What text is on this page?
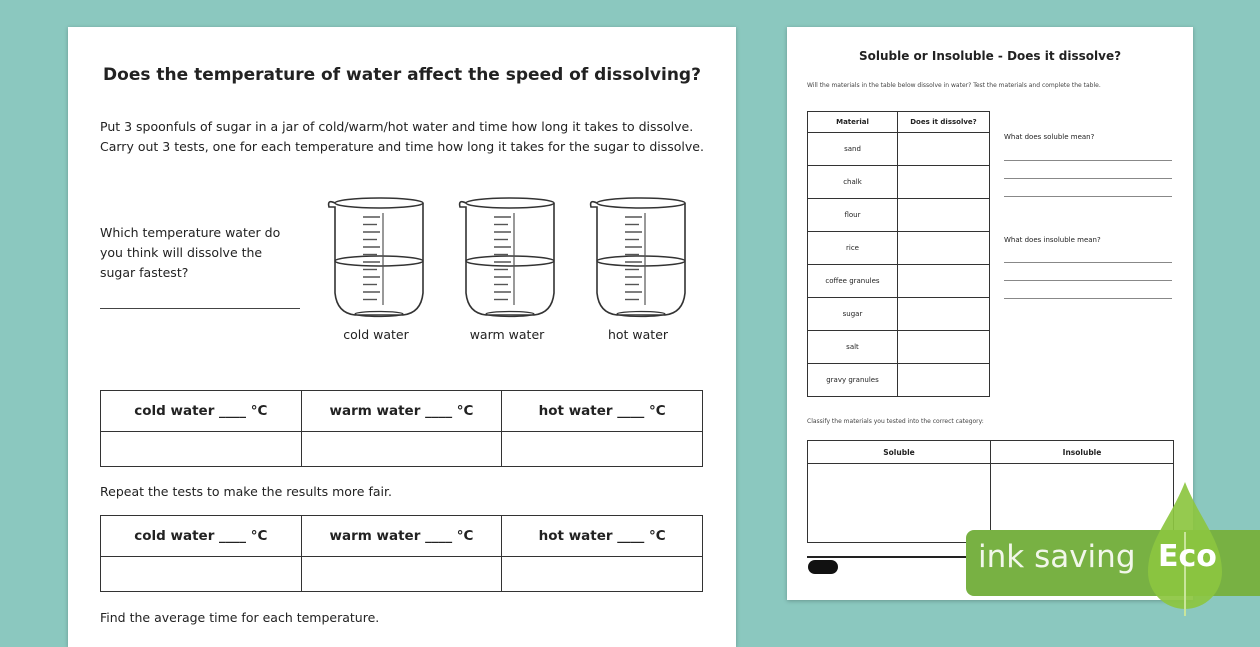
Does the temperature of water affect the speed of dissolving?
Put 3 spoonfuls of sugar in a jar of cold/warm/hot water and time how long it takes to dissolve.
Carry out 3 tests, one for each temperature and time how long it takes for the sugar to dissolve.
Which temperature water do
you think will dissolve the
sugar fastest?
cold water	warm water	hot water
cold water ____ °C	warm water ____ °C	hot water ____ °C

Repeat the tests to make the results more fair.
cold water ____ °C	warm water ____ °C	hot water ____ °C

Find the average time for each temperature.
Soluble or Insoluble - Does it dissolve?
Will the materials in the table below dissolve in water? Test the materials and complete the table.
Material	Does it dissolve?
sand	
chalk	
flour	
rice	
coffee granules	
sugar	
salt	
gravy granules	
What does soluble mean?
What does insoluble mean?
Classify the materials you tested into the correct category:
Soluble	Insoluble

ink saving Eco
